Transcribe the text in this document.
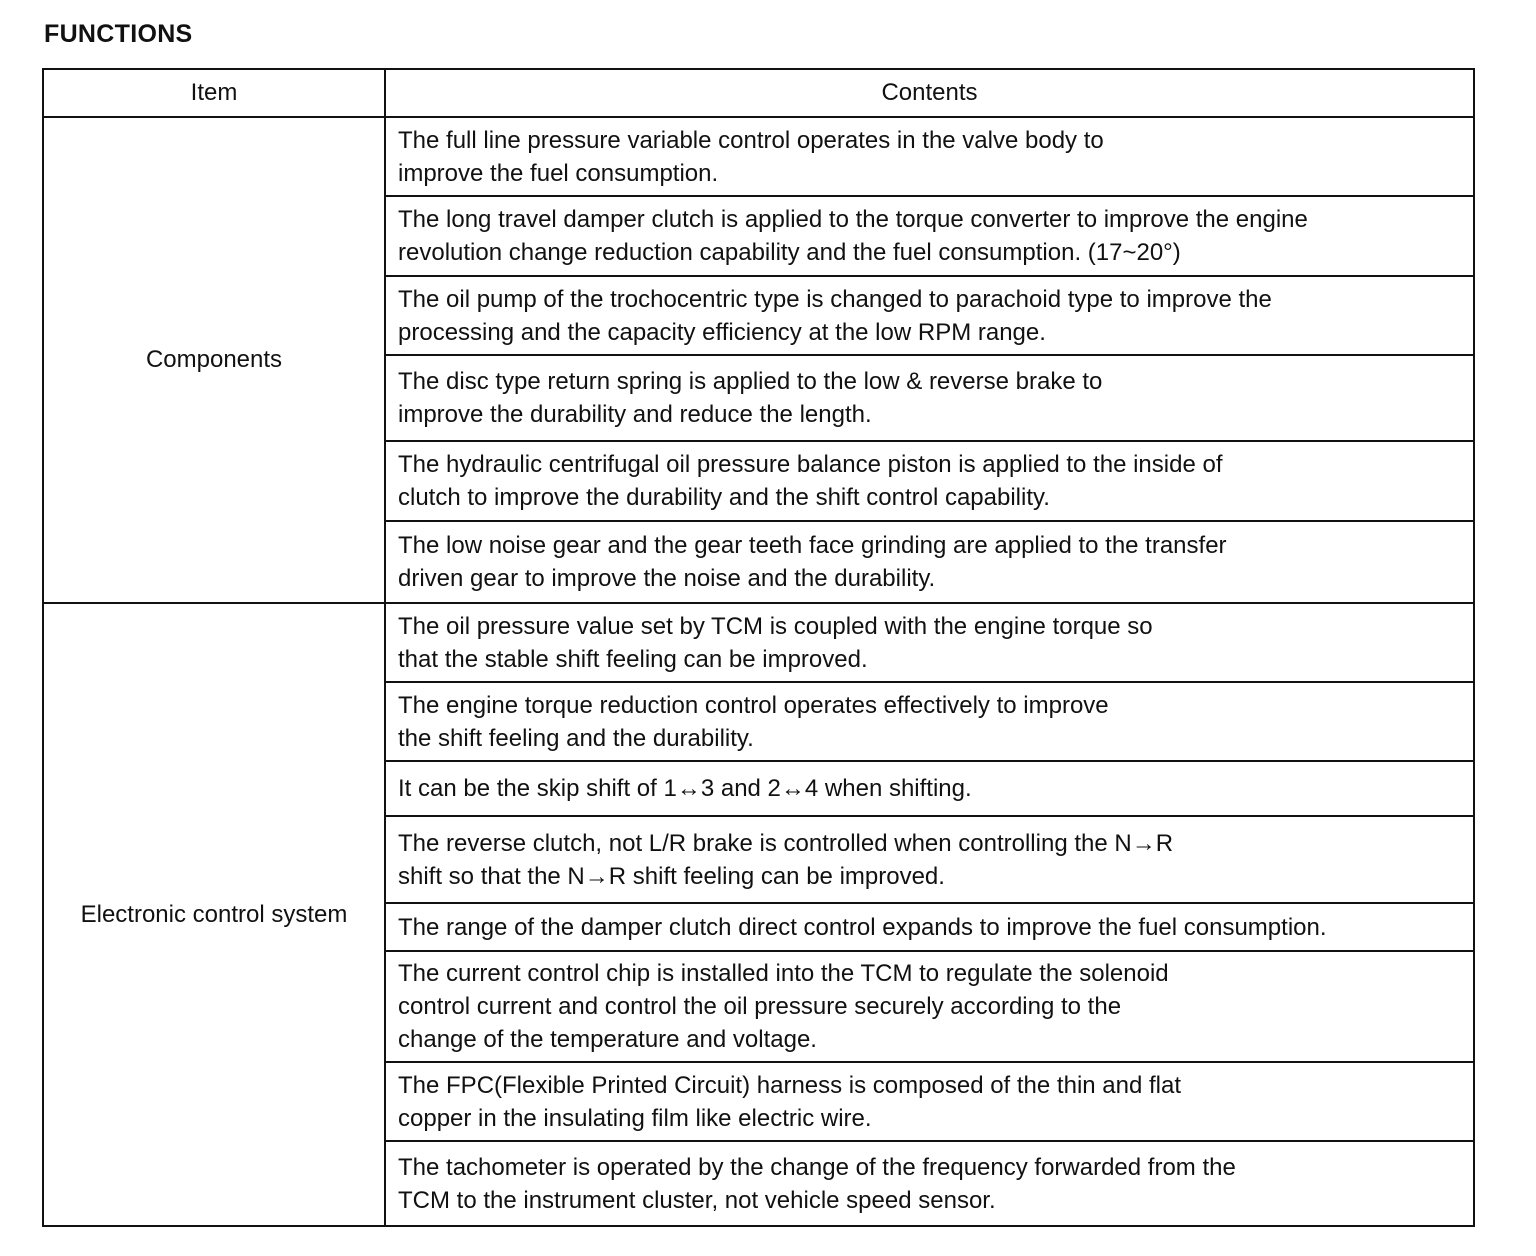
FUNCTIONS
Item	Contents
Components	The full line pressure variable control operates in the valve body to
improve the fuel consumption.
	The long travel damper clutch is applied to the torque converter to improve the engine
revolution change reduction capability and the fuel consumption. (17~20°)
	The oil pump of the trochocentric type is changed to parachoid type to improve the
processing and the capacity efficiency at the low RPM range.
	The disc type return spring is applied to the low & reverse brake to
improve the durability and reduce the length.
	The hydraulic centrifugal oil pressure balance piston is applied to the inside of
clutch to improve the durability and the shift control capability.
	The low noise gear and the gear teeth face grinding are applied to the transfer
driven gear to improve the noise and the durability.
Electronic control system	The oil pressure value set by TCM is coupled with the engine torque so
that the stable shift feeling can be improved.
	The engine torque reduction control operates effectively to improve
the shift feeling and the durability.
	It can be the skip shift of 1↔3 and 2↔4 when shifting.
	The reverse clutch, not L/R brake is controlled when controlling the N→R
shift so that the N→R shift feeling can be improved.
	The range of the damper clutch direct control expands to improve the fuel consumption.
	The current control chip is installed into the TCM to regulate the solenoid
control current and control the oil pressure securely according to the
change of the temperature and voltage.
	The FPC(Flexible Printed Circuit) harness is composed of the thin and flat
copper in the insulating film like electric wire.
	The tachometer is operated by the change of the frequency forwarded from the
TCM to the instrument cluster, not vehicle speed sensor.
